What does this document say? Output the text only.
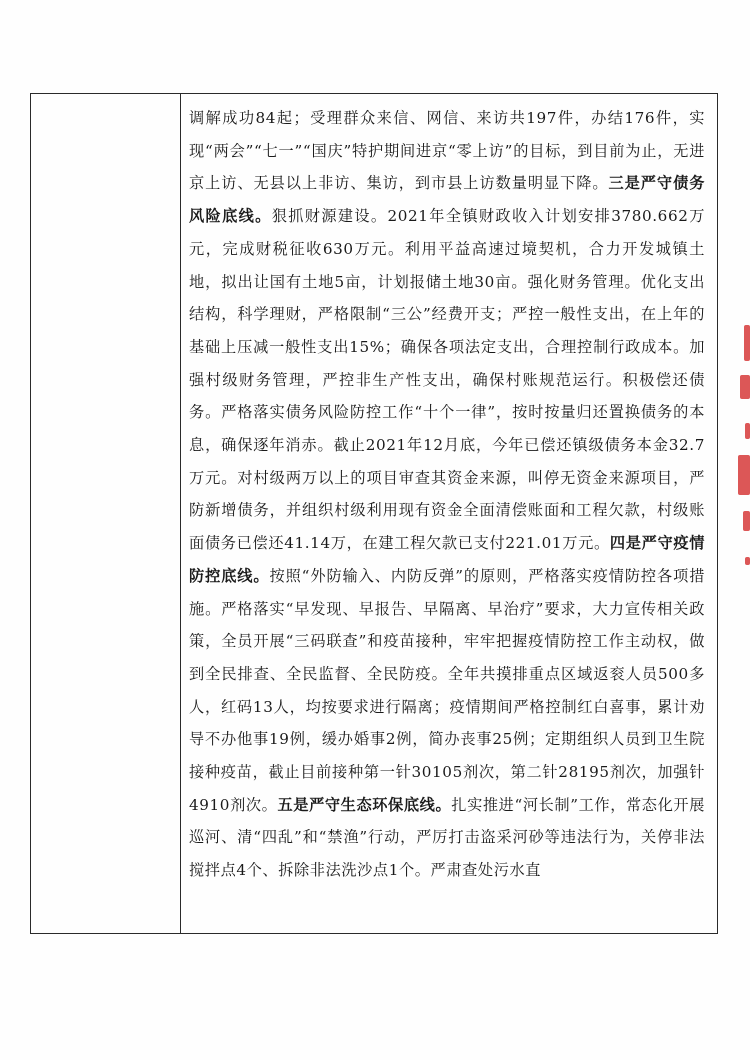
调解成功84起；受理群众来信、网信、来访共197件，办结176件，实现“两会”“七一”“国庆”特护期间进京“零上访”的目标，到目前为止，无进京上访、无县以上非访、集访，到市县上访数量明显下降。三是严守债务风险底线。狠抓财源建设。2021年全镇财政收入计划安排3780.662万元，完成财税征收630万元。利用平益高速过境契机，合力开发城镇土地，拟出让国有土地5亩，计划报储土地30亩。强化财务管理。优化支出结构，科学理财，严格限制“三公”经费开支；严控一般性支出，在上年的基础上压减一般性支出15%；确保各项法定支出，合理控制行政成本。加强村级财务管理，严控非生产性支出，确保村账规范运行。积极偿还债务。严格落实债务风险防控工作“十个一律”，按时按量归还置换债务的本息，确保逐年消赤。截止2021年12月底，今年已偿还镇级债务本金32.7万元。对村级两万以上的项目审查其资金来源，叫停无资金来源项目，严防新增债务，并组织村级利用现有资金全面清偿账面和工程欠款，村级账面债务已偿还41.14万，在建工程欠款已支付221.01万元。四是严守疫情防控底线。按照“外防输入、内防反弹”的原则，严格落实疫情防控各项措施。严格落实“早发现、早报告、早隔离、早治疗”要求，大力宣传相关政策，全员开展“三码联查”和疫苗接种，牢牢把握疫情防控工作主动权，做到全民排查、全民监督、全民防疫。全年共摸排重点区域返衮人员500多人，红码13人，均按要求进行隔离；疫情期间严格控制红白喜事，累计劝导不办他事19例，缓办婚事2例，简办丧事25例；定期组织人员到卫生院接种疫苗，截止目前接种第一针30105剂次，第二针28195剂次，加强针4910剂次。五是严守生态环保底线。扎实推进“河长制”工作，常态化开展巡河、清“四乱”和“禁渔”行动，严厉打击盗采河砂等违法行为，关停非法搅拌点4个、拆除非法洗沙点1个。严肃查处污水直
